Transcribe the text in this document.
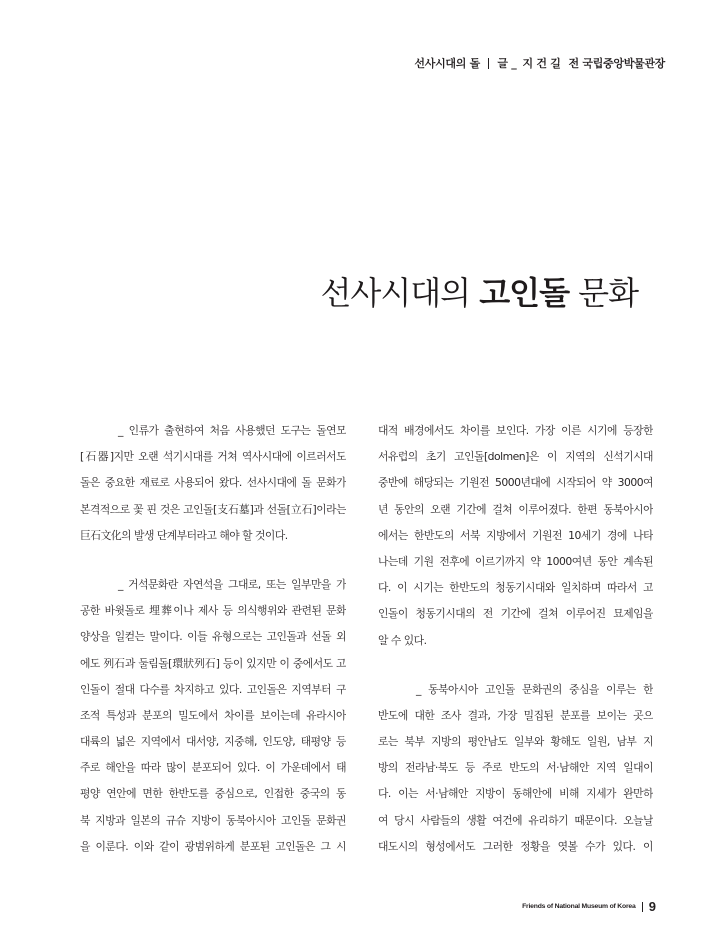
선사시대의 돌 글 _ 지 건 길 전 국립중앙박물관장
선사시대의 고인돌 문화
_ 인류가 출현하여 처음 사용했던 도구는 돌연모
[石器]지만 오랜 석기시대를 거쳐 역사시대에 이르러서도
돌은 중요한 재료로 사용되어 왔다. 선사시대에 돌 문화가
본격적으로 꽃 핀 것은 고인돌[支石墓]과 선돌[立石]이라는
巨石文化의 발생 단계부터라고 해야 할 것이다.
_ 거석문화란 자연석을 그대로, 또는 일부만을 가
공한 바윗돌로 埋葬이나 제사 등 의식행위와 관련된 문화
양상을 일컫는 말이다. 이들 유형으로는 고인돌과 선돌 외
에도 列石과 둘림돌[環狀列石] 등이 있지만 이 중에서도 고
인돌이 절대 다수를 차지하고 있다. 고인돌은 지역부터 구
조적 특성과 분포의 밀도에서 차이를 보이는데 유라시아
대륙의 넓은 지역에서 대서양, 지중해, 인도양, 태평양 등
주로 해안을 따라 많이 분포되어 있다. 이 가운데에서 태
평양 연안에 면한 한반도를 중심으로, 인접한 중국의 동
북 지방과 일본의 규슈 지방이 동북아시아 고인돌 문화권
을 이룬다. 이와 같이 광범위하게 분포된 고인돌은 그 시
대적 배경에서도 차이를 보인다. 가장 이른 시기에 등장한
서유럽의 초기 고인돌[dolmen]은 이 지역의 신석기시대
중반에 해당되는 기원전 5000년대에 시작되어 약 3000여
년 동안의 오랜 기간에 걸쳐 이루어졌다. 한편 동북아시아
에서는 한반도의 서북 지방에서 기원전 10세기 경에 나타
나는데 기원 전후에 이르기까지 약 1000여년 동안 계속된
다. 이 시기는 한반도의 청동기시대와 일치하며 따라서 고
인돌이 청동기시대의 전 기간에 걸쳐 이루어진 묘제임을
알 수 있다.
_ 동북아시아 고인돌 문화권의 중심을 이루는 한
반도에 대한 조사 결과, 가장 밀집된 분포를 보이는 곳으
로는 북부 지방의 평안남도 일부와 황해도 일원, 남부 지
방의 전라남·북도 등 주로 반도의 서·남해안 지역 일대이
다. 이는 서·남해안 지방이 동해안에 비해 지세가 완만하
여 당시 사람들의 생활 여건에 유리하기 때문이다. 오늘날
대도시의 형성에서도 그러한 정황을 엿볼 수가 있다. 이
Friends of National Museum of Korea 9
